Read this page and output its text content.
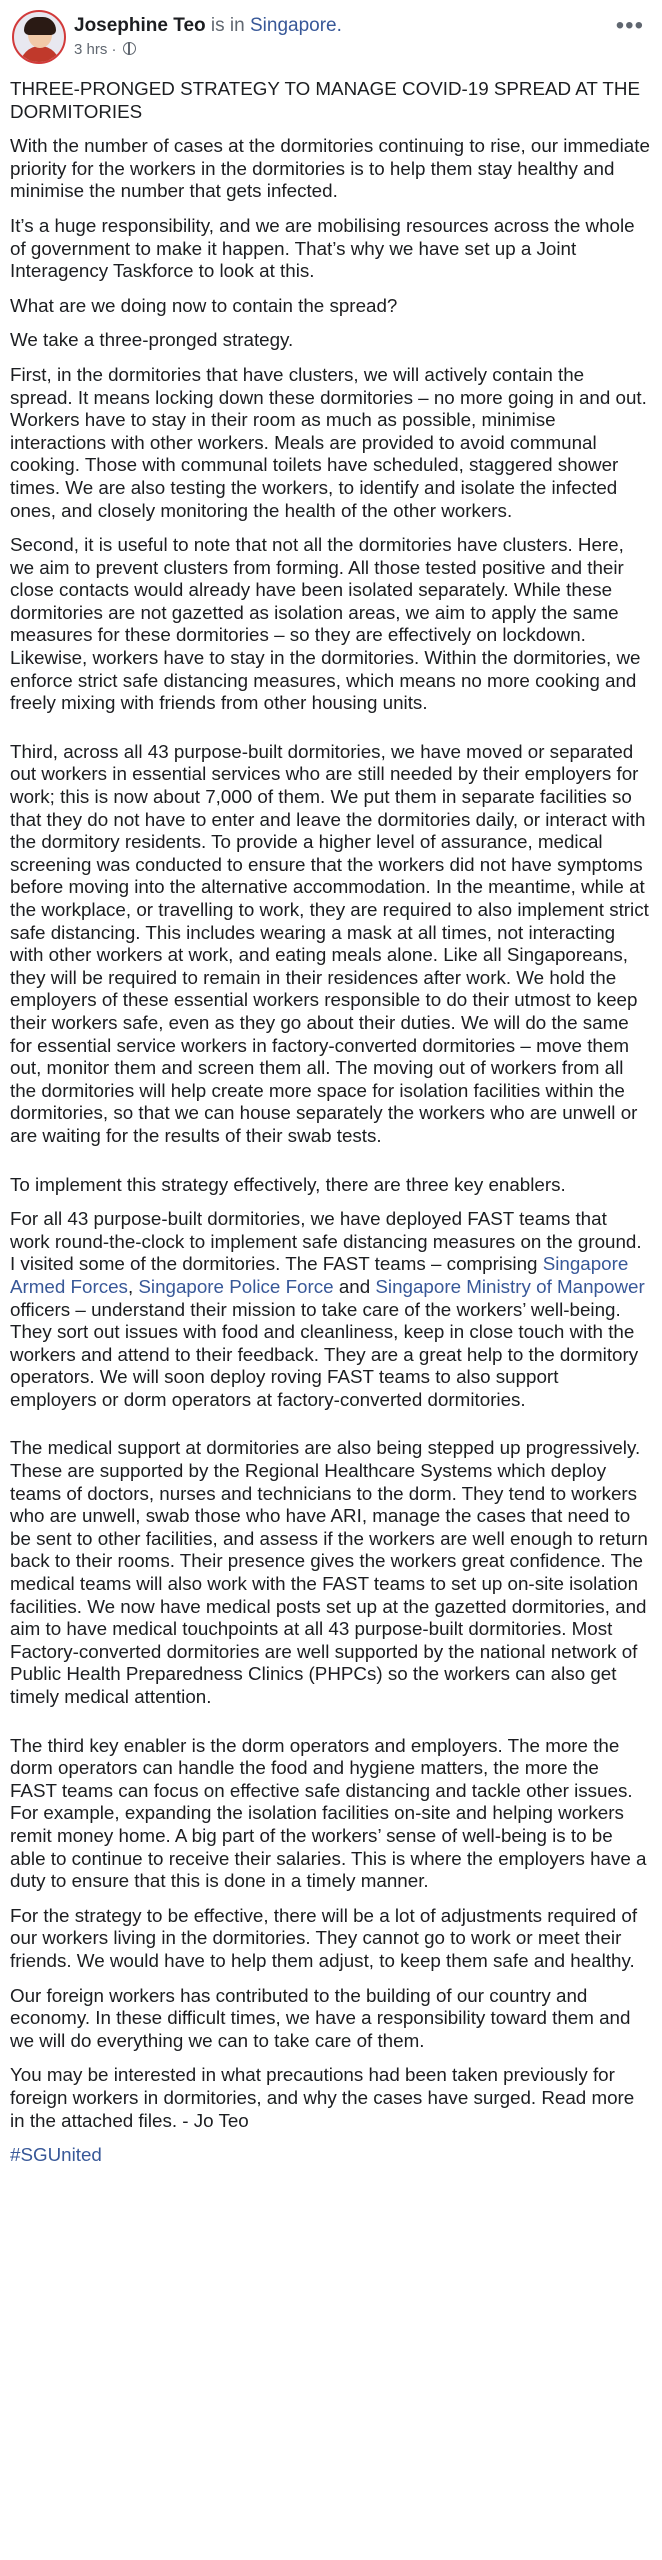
Josephine Teo is in Singapore.
3 hrs ·
•••

THREE-PRONGED STRATEGY TO MANAGE COVID-19 SPREAD AT THE DORMITORIES

With the number of cases at the dormitories continuing to rise, our immediate priority for the workers in the dormitories is to help them stay healthy and minimise the number that gets infected.

It’s a huge responsibility, and we are mobilising resources across the whole of government to make it happen. That’s why we have set up a Joint Interagency Taskforce to look at this.

What are we doing now to contain the spread?

We take a three-pronged strategy.

First, in the dormitories that have clusters, we will actively contain the spread. It means locking down these dormitories – no more going in and out. Workers have to stay in their room as much as possible, minimise interactions with other workers. Meals are provided to avoid communal cooking. Those with communal toilets have scheduled, staggered shower times. We are also testing the workers, to identify and isolate the infected ones, and closely monitoring the health of the other workers.

Second, it is useful to note that not all the dormitories have clusters. Here, we aim to prevent clusters from forming. All those tested positive and their close contacts would already have been isolated separately. While these dormitories are not gazetted as isolation areas, we aim to apply the same measures for these dormitories – so they are effectively on lockdown. Likewise, workers have to stay in the dormitories. Within the dormitories, we enforce strict safe distancing measures, which means no more cooking and freely mixing with friends from other housing units.

Third, across all 43 purpose-built dormitories, we have moved or separated out workers in essential services who are still needed by their employers for work; this is now about 7,000 of them. We put them in separate facilities so that they do not have to enter and leave the dormitories daily, or interact with the dormitory residents. To provide a higher level of assurance, medical screening was conducted to ensure that the workers did not have symptoms before moving into the alternative accommodation. In the meantime, while at the workplace, or travelling to work, they are required to also implement strict safe distancing. This includes wearing a mask at all times, not interacting with other workers at work, and eating meals alone. Like all Singaporeans, they will be required to remain in their residences after work. We hold the employers of these essential workers responsible to do their utmost to keep their workers safe, even as they go about their duties. We will do the same for essential service workers in factory-converted dormitories – move them out, monitor them and screen them all. The moving out of workers from all the dormitories will help create more space for isolation facilities within the dormitories, so that we can house separately the workers who are unwell or are waiting for the results of their swab tests.

To implement this strategy effectively, there are three key enablers.

For all 43 purpose-built dormitories, we have deployed FAST teams that work round-the-clock to implement safe distancing measures on the ground. I visited some of the dormitories. The FAST teams – comprising Singapore Armed Forces, Singapore Police Force and Singapore Ministry of Manpower officers – understand their mission to take care of the workers’ well-being. They sort out issues with food and cleanliness, keep in close touch with the workers and attend to their feedback. They are a great help to the dormitory operators. We will soon deploy roving FAST teams to also support employers or dorm operators at factory-converted dormitories.

The medical support at dormitories are also being stepped up progressively. These are supported by the Regional Healthcare Systems which deploy teams of doctors, nurses and technicians to the dorm. They tend to workers who are unwell, swab those who have ARI, manage the cases that need to be sent to other facilities, and assess if the workers are well enough to return back to their rooms. Their presence gives the workers great confidence. The medical teams will also work with the FAST teams to set up on-site isolation facilities. We now have medical posts set up at the gazetted dormitories, and aim to have medical touchpoints at all 43 purpose-built dormitories. Most Factory-converted dormitories are well supported by the national network of Public Health Preparedness Clinics (PHPCs) so the workers can also get timely medical attention.

The third key enabler is the dorm operators and employers. The more the dorm operators can handle the food and hygiene matters, the more the FAST teams can focus on effective safe distancing and tackle other issues. For example, expanding the isolation facilities on-site and helping workers remit money home. A big part of the workers’ sense of well-being is to be able to continue to receive their salaries. This is where the employers have a duty to ensure that this is done in a timely manner.

For the strategy to be effective, there will be a lot of adjustments required of our workers living in the dormitories. They cannot go to work or meet their friends. We would have to help them adjust, to keep them safe and healthy.

Our foreign workers has contributed to the building of our country and economy. In these difficult times, we have a responsibility toward them and we will do everything we can to take care of them.

You may be interested in what precautions had been taken previously for foreign workers in dormitories, and why the cases have surged. Read more in the attached files. - Jo Teo

#SGUnited
